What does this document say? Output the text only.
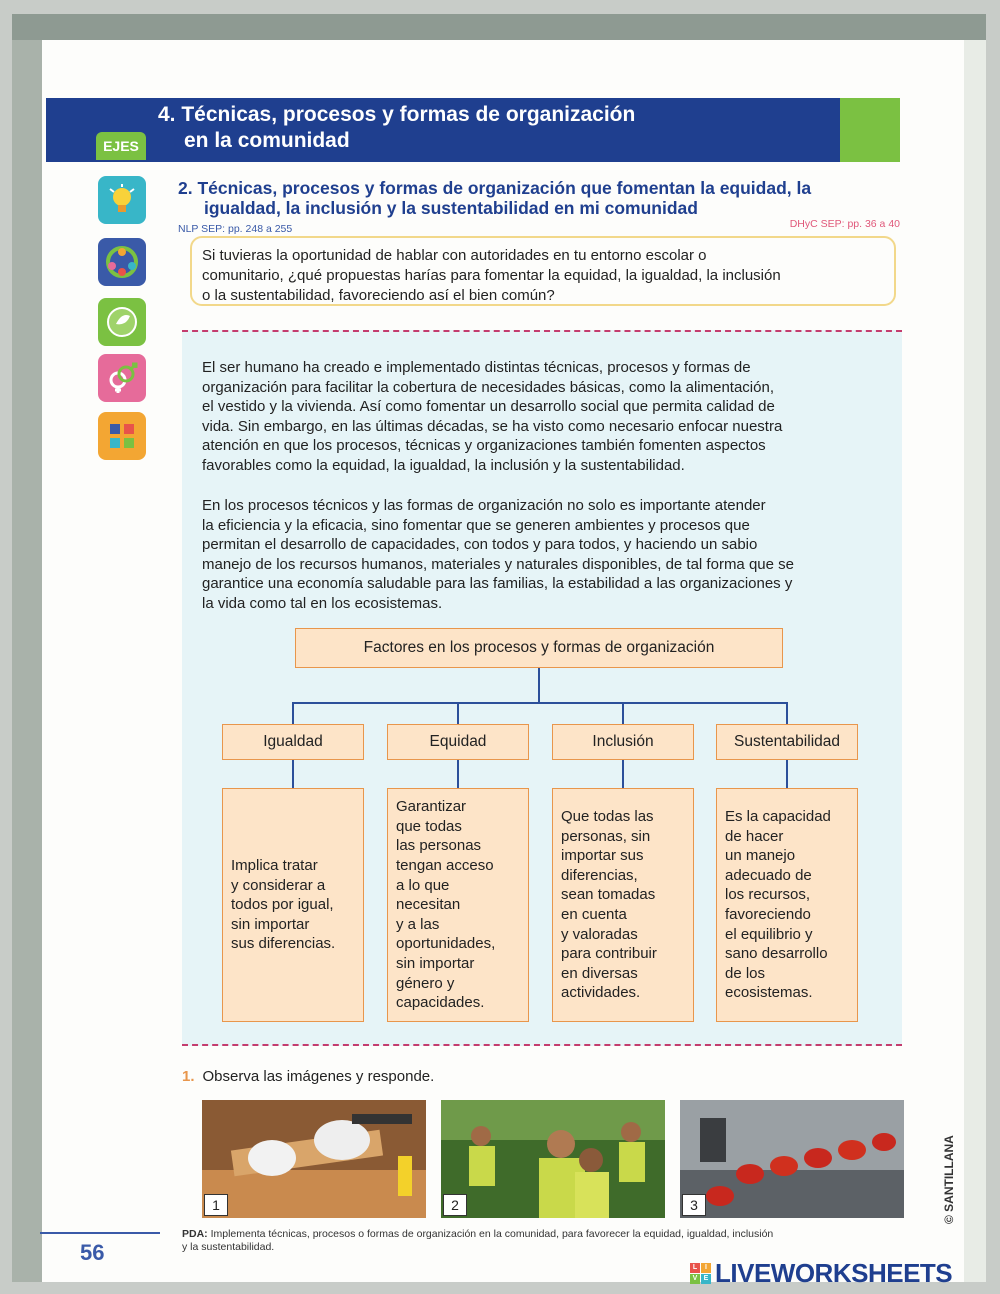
4. Técnicas, procesos y formas de organización
en la comunidad
EJES

2. Técnicas, procesos y formas de organización que fomentan la equidad, la
igualdad, la inclusión y la sustentabilidad en mi comunidad

NLP SEP: pp. 248 a 255	DHyC SEP: pp. 36 a 40
Si tuvieras la oportunidad de hablar con autoridades en tu entorno escolar o
comunitario, ¿qué propuestas harías para fomentar la equidad, la igualdad, la inclusión
o la sustentabilidad, favoreciendo así el bien común?
El ser humano ha creado e implementado distintas técnicas, procesos y formas de
organización para facilitar la cobertura de necesidades básicas, como la alimentación,
el vestido y la vivienda. Así como fomentar un desarrollo social que permita calidad de
vida. Sin embargo, en las últimas décadas, se ha visto como necesario enfocar nuestra
atención en que los procesos, técnicas y organizaciones también fomenten aspectos
favorables como la equidad, la igualdad, la inclusión y la sustentabilidad.
En los procesos técnicos y las formas de organización no solo es importante atender
la eficiencia y la eficacia, sino fomentar que se generen ambientes y procesos que
permitan el desarrollo de capacidades, con todos y para todos, y haciendo un sabio
manejo de los recursos humanos, materiales y naturales disponibles, de tal forma que se
garantice una economía saludable para las familias, la estabilidad a las organizaciones y
la vida como tal en los ecosistemas.
Factores en los procesos y formas de organización
Igualdad	Equidad	Inclusión	Sustentabilidad
Implica tratar
y considerar a
todos por igual,
sin importar
sus diferencias.
Garantizar
que todas
las personas
tengan acceso
a lo que
necesitan
y a las
oportunidades,
sin importar
género y
capacidades.
Que todas las
personas, sin
importar sus
diferencias,
sean tomadas
en cuenta
y valoradas
para contribuir
en diversas
actividades.
Es la capacidad
de hacer
un manejo
adecuado de
los recursos,
favoreciendo
el equilibrio y
sano desarrollo
de los
ecosistemas.
1. Observa las imágenes y responde.
1	2	3	© SANTILLANA
56
PDA: Implementa técnicas, procesos o formas de organización en la comunidad, para favorecer la equidad, igualdad, inclusión
y la sustentabilidad.
L	I
V E LIVEWORKSHEETS
